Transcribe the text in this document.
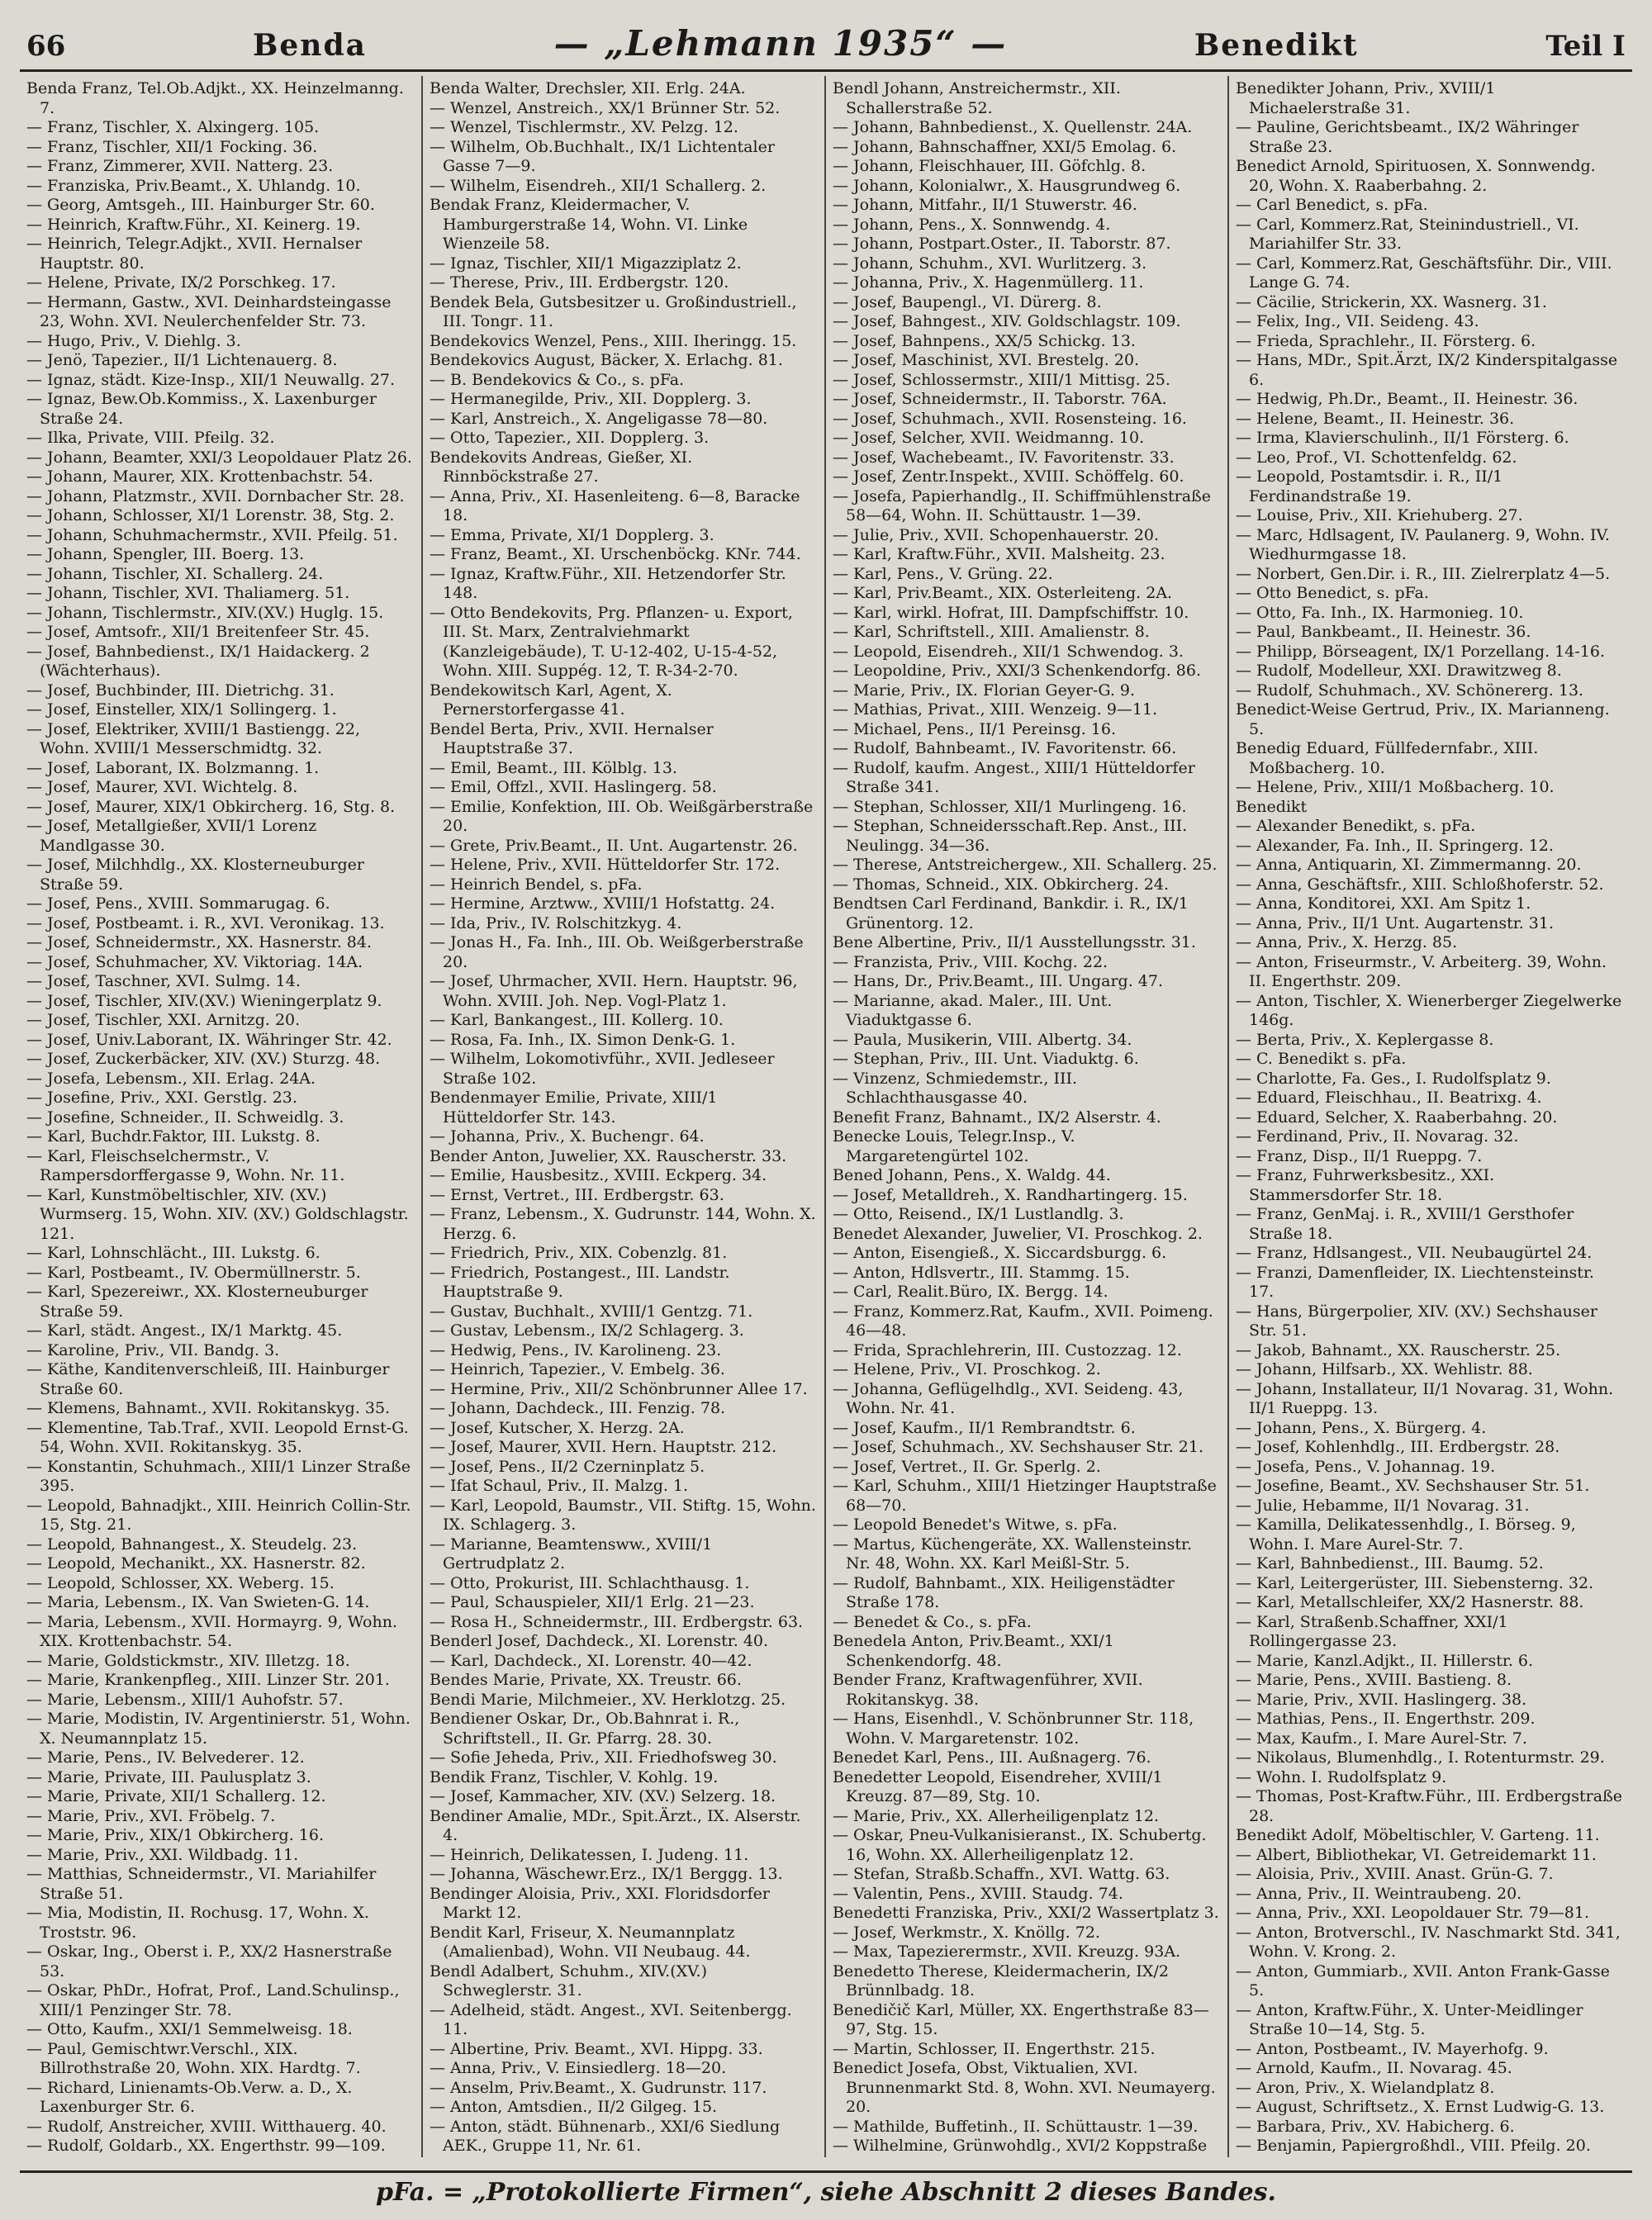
66	Benda	— „Lehmann 1935“ —	Benedikt	Teil I

Benda Franz, Tel.Ob.Adjkt., XX. Heinzelmanng. 7.

— Franz, Tischler, X. Alxingerg. 105.

— Franz, Tischler, XII/1 Focking. 36.

— Franz, Zimmerer, XVII. Natterg. 23.

— Franziska, Priv.Beamt., X. Uhlandg. 10.

— Georg, Amtsgeh., III. Hainburger Str. 60.

— Heinrich, Kraftw.Führ., XI. Keinerg. 19.

— Heinrich, Telegr.Adjkt., XVII. Hernalser Hauptstr. 80.

— Helene, Private, IX/2 Porschkeg. 17.

— Hermann, Gastw., XVI. Deinhardsteingasse 23, Wohn. XVI. Neulerchenfelder Str. 73.

— Hugo, Priv., V. Diehlg. 3.

— Jenö, Tapezier., II/1 Lichtenauerg. 8.

— Ignaz, städt. Kize-Insp., XII/1 Neuwallg. 27.

— Ignaz, Bew.Ob.Kommiss., X. Laxenburger Straße 24.

— Ilka, Private, VIII. Pfeilg. 32.

— Johann, Beamter, XXI/3 Leopoldauer Platz 26.

— Johann, Maurer, XIX. Krottenbachstr. 54.

— Johann, Platzmstr., XVII. Dornbacher Str. 28.

— Johann, Schlosser, XI/1 Lorenstr. 38, Stg. 2.

— Johann, Schuhmachermstr., XVII. Pfeilg. 51.

— Johann, Spengler, III. Boerg. 13.

— Johann, Tischler, XI. Schallerg. 24.

— Johann, Tischler, XVI. Thaliamerg. 51.

— Johann, Tischlermstr., XIV.(XV.) Huglg. 15.

— Josef, Amtsofr., XII/1 Breitenfeer Str. 45.

— Josef, Bahnbedienst., IX/1 Haidackerg. 2 (Wächterhaus).

— Josef, Buchbinder, III. Dietrichg. 31.

— Josef, Einsteller, XIX/1 Sollingerg. 1.

— Josef, Elektriker, XVIII/1 Bastiengg. 22, Wohn. XVIII/1 Messerschmidtg. 32.

— Josef, Laborant, IX. Bolzmanng. 1.

— Josef, Maurer, XVI. Wichtelg. 8.

— Josef, Maurer, XIX/1 Obkircherg. 16, Stg. 8.

— Josef, Metallgießer, XVII/1 Lorenz Mandlgasse 30.

— Josef, Milchhdlg., XX. Klosterneuburger Straße 59.

— Josef, Pens., XVIII. Sommarugag. 6.

— Josef, Postbeamt. i. R., XVI. Veronikag. 13.

— Josef, Schneidermstr., XX. Hasnerstr. 84.

— Josef, Schuhmacher, XV. Viktoriag. 14A.

— Josef, Taschner, XVI. Sulmg. 14.

— Josef, Tischler, XIV.(XV.) Wieningerplatz 9.

— Josef, Tischler, XXI. Arnitzg. 20.

— Josef, Univ.Laborant, IX. Währinger Str. 42.

— Josef, Zuckerbäcker, XIV. (XV.) Sturzg. 48.

— Josefa, Lebensm., XII. Erlag. 24A.

— Josefine, Priv., XXI. Gerstlg. 23.

— Josefine, Schneider., II. Schweidlg. 3.

— Karl, Buchdr.Faktor, III. Lukstg. 8.

— Karl, Fleischselchermstr., V. Rampersdorffergasse 9, Wohn. Nr. 11.

— Karl, Kunstmöbeltischler, XIV. (XV.) Wurmserg. 15, Wohn. XIV. (XV.) Goldschlagstr. 121.

— Karl, Lohnschlächt., III. Lukstg. 6.

— Karl, Postbeamt., IV. Obermüllnerstr. 5.

— Karl, Spezereiwr., XX. Klosterneuburger Straße 59.

— Karl, städt. Angest., IX/1 Marktg. 45.

— Karoline, Priv., VII. Bandg. 3.

— Käthe, Kanditenverschleiß, III. Hainburger Straße 60.

— Klemens, Bahnamt., XVII. Rokitanskyg. 35.

— Klementine, Tab.Traf., XVII. Leopold Ernst-G. 54, Wohn. XVII. Rokitanskyg. 35.

— Konstantin, Schuhmach., XIII/1 Linzer Straße 395.

— Leopold, Bahnadjkt., XIII. Heinrich Collin-Str. 15, Stg. 21.

— Leopold, Bahnangest., X. Steudelg. 23.

— Leopold, Mechanikt., XX. Hasnerstr. 82.

— Leopold, Schlosser, XX. Weberg. 15.

— Maria, Lebensm., IX. Van Swieten-G. 14.

— Maria, Lebensm., XVII. Hormayrg. 9, Wohn. XIX. Krottenbachstr. 54.

— Marie, Goldstickmstr., XIV. Illetzg. 18.

— Marie, Krankenpfleg., XIII. Linzer Str. 201.

— Marie, Lebensm., XIII/1 Auhofstr. 57.

— Marie, Modistin, IV. Argentinierstr. 51, Wohn. X. Neumannplatz 15.

— Marie, Pens., IV. Belvederег. 12.

— Marie, Private, III. Paulusplatz 3.

— Marie, Private, XII/1 Schallerg. 12.

— Marie, Priv., XVI. Fröbelg. 7.

— Marie, Priv., XIX/1 Obkircherg. 16.

— Marie, Priv., XXI. Wildbadg. 11.

— Matthias, Schneidermstr., VI. Mariahilfer Straße 51.

— Mia, Modistin, II. Rochusg. 17, Wohn. X. Troststr. 96.

— Oskar, Ing., Oberst i. P., XX/2 Hasnerstraße 53.

— Oskar, PhDr., Hofrat, Prof., Land.Schulinsp., XIII/1 Penzinger Str. 78.

— Otto, Kaufm., XXI/1 Semmelweisg. 18.

— Paul, Gemischtwr.Verschl., XIX. Billrothstraße 20, Wohn. XIX. Hardtg. 7.

— Richard, Linienamts-Ob.Verw. a. D., X. Laxenburger Str. 6.

— Rudolf, Anstreicher, XVIII. Witthauerg. 40.

— Rudolf, Goldarb., XX. Engerthstr. 99—109.

Benda Walter, Drechsler, XII. Erlg. 24A.

— Wenzel, Anstreich., XX/1 Brünner Str. 52.

— Wenzel, Tischlermstr., XV. Pelzg. 12.

— Wilhelm, Ob.Buchhalt., IX/1 Lichtentaler Gasse 7—9.

— Wilhelm, Eisendreh., XII/1 Schallerg. 2.

Bendak Franz, Kleidermacher, V. Hamburgerstraße 14, Wohn. VI. Linke Wienzeile 58.

— Ignaz, Tischler, XII/1 Migazziplatz 2.

— Therese, Priv., III. Erdbergstr. 120.

Bendek Bela, Gutsbesitzer u. Großindustriell., III. Tongг. 11.

Bendekovics Wenzel, Pens., XIII. Iheringg. 15.

Bendekovics August, Bäcker, X. Erlachg. 81.

— B. Bendekovics & Co., s. pFa.

— Hermanegilde, Priv., XII. Dopplerg. 3.

— Karl, Anstreich., X. Angeligasse 78—80.

— Otto, Tapezier., XII. Dopplerg. 3.

Bendekovits Andreas, Gießer, XI. Rinnböckstraße 27.

— Anna, Priv., XI. Hasenleiteng. 6—8, Baracke 18.

— Emma, Private, XI/1 Dopplerg. 3.

— Franz, Beamt., XI. Urschenböckg. KNr. 744.

— Ignaz, Kraftw.Führ., XII. Hetzendorfer Str. 148.

— Otto Bendekovits, Prg. Pflanzen- u. Export, III. St. Marx, Zentralviehmarkt (Kanzleigebäude), T. U-12-402, U-15-4-52, Wohn. XIII. Suppég. 12, T. R-34-2-70.

Bendekowitsch Karl, Agent, X. Pernerstorfergasse 41.

Bendel Berta, Priv., XVII. Hernalser Hauptstraße 37.

— Emil, Beamt., III. Kölblg. 13.

— Emil, Offzl., XVII. Haslingerg. 58.

— Emilie, Konfektion, III. Ob. Weißgärberstraße 20.

— Grete, Priv.Beamt., II. Unt. Augartenstr. 26.

— Helene, Priv., XVII. Hütteldorfer Str. 172.

— Heinrich Bendel, s. pFa.

— Hermine, Arztww., XVIII/1 Hofstattg. 24.

— Ida, Priv., IV. Rolschitzkyg. 4.

— Jonas H., Fa. Inh., III. Ob. Weißgerberstraße 20.

— Josef, Uhrmacher, XVII. Hern. Hauptstr. 96, Wohn. XVIII. Joh. Nep. Vogl-Platz 1.

— Karl, Bankangest., III. Kollerg. 10.

— Rosa, Fa. Inh., IX. Simon Denk-G. 1.

— Wilhelm, Lokomotivführ., XVII. Jedleseer Straße 102.

Bendenmayer Emilie, Private, XIII/1 Hütteldorfer Str. 143.

— Johanna, Priv., X. Buchengг. 64.

Bender Anton, Juwelier, XX. Rauscherstr. 33.

— Emilie, Hausbesitz., XVIII. Eckperg. 34.

— Ernst, Vertret., III. Erdbergstr. 63.

— Franz, Lebensm., X. Gudrunstr. 144, Wohn. X. Herzg. 6.

— Friedrich, Priv., XIX. Cobenzlg. 81.

— Friedrich, Postangest., III. Landstr. Hauptstraße 9.

— Gustav, Buchhalt., XVIII/1 Gentzg. 71.

— Gustav, Lebensm., IX/2 Schlagerg. 3.

— Hedwig, Pens., IV. Karolineng. 23.

— Heinrich, Tapezier., V. Embelg. 36.

— Hermine, Priv., XII/2 Schönbrunner Allee 17.

— Johann, Dachdeck., III. Fenzig. 78.

— Josef, Kutscher, X. Herzg. 2A.

— Josef, Maurer, XVII. Hern. Hauptstr. 212.

— Josef, Pens., II/2 Czerninplatz 5.

— Ifat Schaul, Priv., II. Malzg. 1.

— Karl, Leopold, Baumstr., VII. Stiftg. 15, Wohn. IX. Schlagerg. 3.

— Marianne, Beamtensww., XVIII/1 Gertrudplatz 2.

— Otto, Prokurist, III. Schlachthausg. 1.

— Paul, Schauspieler, XII/1 Erlg. 21—23.

— Rosa H., Schneidermstr., III. Erdbergstr. 63.

Benderl Josef, Dachdeck., XI. Lorenstr. 40.

— Karl, Dachdeck., XI. Lorenstr. 40—42.

Bendes Marie, Private, XX. Treustr. 66.

Bendi Marie, Milchmeier., XV. Herklotzg. 25.

Bendiener Oskar, Dr., Ob.Bahnrat i. R., Schriftstell., II. Gr. Pfarrg. 28. 30.

— Sofie Jeheda, Priv., XII. Friedhofsweg 30.

Bendik Franz, Tischler, V. Kohlg. 19.

— Josef, Kammacher, XIV. (XV.) Selzerg. 18.

Bendiner Amalie, MDr., Spit.Ärzt., IX. Alserstr. 4.

— Heinrich, Delikatessen, I. Judeng. 11.

— Johanna, Wäschewr.Erz., IX/1 Berggg. 13.

Bendinger Aloisia, Priv., XXI. Floridsdorfer Markt 12.

Bendit Karl, Friseur, X. Neumannplatz (Amalienbad), Wohn. VII Neubaug. 44.

Bendl Adalbert, Schuhm., XIV.(XV.) Schweglerstr. 31.

— Adelheid, städt. Angest., XVI. Seitenbergg. 11.

— Albertine, Priv. Beamt., XVI. Hippg. 33.

— Anna, Priv., V. Einsiedlerg. 18—20.

— Anselm, Priv.Beamt., X. Gudrunstr. 117.

— Anton, Amtsdien., II/2 Gilgeg. 15.

— Anton, städt. Bühnenarb., XXI/6 Siedlung AEK., Gruppe 11, Nr. 61.

Bendl Johann, Anstreichermstr., XII. Schallerstraße 52.

— Johann, Bahnbedienst., X. Quellenstr. 24A.

— Johann, Bahnschaffner, XXI/5 Emolag. 6.

— Johann, Fleischhauer, III. Göfchlg. 8.

— Johann, Kolonialwr., X. Hausgrundweg 6.

— Johann, Mitfahr., II/1 Stuwerstr. 46.

— Johann, Pens., X. Sonnwendg. 4.

— Johann, Postpart.Oster., II. Taborstr. 87.

— Johann, Schuhm., XVI. Wurlitzerg. 3.

— Johanna, Priv., X. Hagenmüllerg. 11.

— Josef, Baupengl., VI. Dürerg. 8.

— Josef, Bahngest., XIV. Goldschlagstr. 109.

— Josef, Bahnpens., XX/5 Schickg. 13.

— Josef, Maschinist, XVI. Brestelg. 20.

— Josef, Schlossermstr., XIII/1 Mittisg. 25.

— Josef, Schneidermstr., II. Taborstr. 76A.

— Josef, Schuhmach., XVII. Rosensteing. 16.

— Josef, Selcher, XVII. Weidmanng. 10.

— Josef, Wachebeamt., IV. Favoritenstr. 33.

— Josef, Zentr.Inspekt., XVIII. Schöffelg. 60.

— Josefa, Papierhandlg., II. Schiffmühlenstraße 58—64, Wohn. II. Schüttaustr. 1—39.

— Julie, Priv., XVII. Schopenhauerstr. 20.

— Karl, Kraftw.Führ., XVII. Malsheitg. 23.

— Karl, Pens., V. Grüng. 22.

— Karl, Priv.Beamt., XIX. Osterleiteng. 2A.

— Karl, wirkl. Hofrat, III. Dampfschiffstr. 10.

— Karl, Schriftstell., XIII. Amalienstr. 8.

— Leopold, Eisendreh., XII/1 Schwendog. 3.

— Leopoldine, Priv., XXI/3 Schenkendorfg. 86.

— Marie, Priv., IX. Florian Geyer-G. 9.

— Mathias, Privat., XIII. Wenzeig. 9—11.

— Michael, Pens., II/1 Pereinsg. 16.

— Rudolf, Bahnbeamt., IV. Favoritenstr. 66.

— Rudolf, kaufm. Angest., XIII/1 Hütteldorfer Straße 341.

— Stephan, Schlosser, XII/1 Murlingeng. 16.

— Stephan, Schneidersschaft.Rep. Anst., III. Neulingg. 34—36.

— Therese, Antstreichergew., XII. Schallerg. 25.

— Thomas, Schneid., XIX. Obkircherg. 24.

Bendtsen Carl Ferdinand, Bankdir. i. R., IX/1 Grünentorg. 12.

Bene Albertine, Priv., II/1 Ausstellungsstr. 31.

— Franzista, Priv., VIII. Kochg. 22.

— Hans, Dr., Priv.Beamt., III. Ungarg. 47.

— Marianne, akad. Maler., III. Unt. Viaduktgasse 6.

— Paula, Musikerin, VIII. Albertg. 34.

— Stephan, Priv., III. Unt. Viaduktg. 6.

— Vinzenz, Schmiedemstr., III. Schlachthausgasse 40.

Benefit Franz, Bahnamt., IX/2 Alserstr. 4.

Benecke Louis, Telegr.Insp., V. Margaretengürtel 102.

Bened Johann, Pens., X. Waldg. 44.

— Josef, Metalldreh., X. Randhartingerg. 15.

— Otto, Reisend., IX/1 Lustlandlg. 3.

Benedet Alexander, Juwelier, VI. Proschkog. 2.

— Anton, Eisengieß., X. Siccardsburgg. 6.

— Anton, Hdlsvertr., III. Stammg. 15.

— Carl, Realit.Büro, IX. Bergg. 14.

— Franz, Kommerz.Rat, Kaufm., XVII. Poimeng. 46—48.

— Frida, Sprachlehrerin, III. Custozzag. 12.

— Helene, Priv., VI. Proschkog. 2.

— Johanna, Geflügelhdlg., XVI. Seideng. 43, Wohn. Nr. 41.

— Josef, Kaufm., II/1 Rembrandtstr. 6.

— Josef, Schuhmach., XV. Sechshauser Str. 21.

— Josef, Vertret., II. Gr. Sperlg. 2.

— Karl, Schuhm., XIII/1 Hietzinger Hauptstraße 68—70.

— Leopold Benedet's Witwe, s. pFa.

— Martus, Küchengeräte, XX. Wallensteinstr. Nr. 48, Wohn. XX. Karl Meißl-Str. 5.

— Rudolf, Bahnbamt., XIX. Heiligenstädter Straße 178.

— Benedet & Co., s. pFa.

Benedela Anton, Priv.Beamt., XXI/1 Schenkendorfg. 48.

Bender Franz, Kraftwagenführer, XVII. Rokitanskyg. 38.

— Hans, Eisenhdl., V. Schönbrunner Str. 118, Wohn. V. Margaretenstr. 102.

Benedet Karl, Pens., III. Außnagerg. 76.

Benedetter Leopold, Eisendreher, XVIII/1 Kreuzg. 87—89, Stg. 10.

— Marie, Priv., XX. Allerheiligenplatz 12.

— Oskar, Pneu-Vulkanisieranst., IX. Schubertg. 16, Wohn. XX. Allerheiligenplatz 12.

— Stefan, Straßb.Schaffn., XVI. Wattg. 63.

— Valentin, Pens., XVIII. Staudg. 74.

Benedetti Franziska, Priv., XXI/2 Wassertplatz 3.

— Josef, Werkmstr., X. Knöllg. 72.

— Max, Tapezierermstr., XVII. Kreuzg. 93A.

Benedetto Therese, Kleidermacherin, IX/2 Brünnlbadg. 18.

Benedičič Karl, Müller, XX. Engerthstraße 83—97, Stg. 15.

— Martin, Schlosser, II. Engerthstr. 215.

Benedict Josefa, Obst, Viktualien, XVI. Brunnenmarkt Std. 8, Wohn. XVI. Neumayerg. 20.

— Mathilde, Buffetinh., II. Schüttaustr. 1—39.

— Wilhelmine, Grünwohdlg., XVI/2 Koppstraße

Benedikter Johann, Priv., XVIII/1 Michaelerstraße 31.

— Pauline, Gerichtsbeamt., IX/2 Währinger Straße 23.

Benedict Arnold, Spirituosen, X. Sonnwendg. 20, Wohn. X. Raaberbahng. 2.

— Carl Benedict, s. pFa.

— Carl, Kommerz.Rat, Steinindustriell., VI. Mariahilfer Str. 33.

— Carl, Kommerz.Rat, Geschäftsführ. Dir., VIII. Lange G. 74.

— Cäcilie, Strickerin, XX. Wasnerg. 31.

— Felix, Ing., VII. Seideng. 43.

— Frieda, Sprachlehr., II. Försterg. 6.

— Hans, MDr., Spit.Ärzt, IX/2 Kinderspitalgasse 6.

— Hedwig, Ph.Dr., Beamt., II. Heinestr. 36.

— Helene, Beamt., II. Heinestr. 36.

— Irma, Klavierschulinh., II/1 Försterg. 6.

— Leo, Prof., VI. Schottenfeldg. 62.

— Leopold, Postamtsdir. i. R., II/1 Ferdinandstraße 19.

— Louise, Priv., XII. Kriehuberg. 27.

— Marc, Hdlsagent, IV. Paulanerg. 9, Wohn. IV. Wiedhurmgasse 18.

— Norbert, Gen.Dir. i. R., III. Zielrerplatz 4—5.

— Otto Benedict, s. pFa.

— Otto, Fa. Inh., IX. Harmonieg. 10.

— Paul, Bankbeamt., II. Heinestr. 36.

— Philipp, Börseagent, IX/1 Porzellang. 14-16.

— Rudolf, Modelleur, XXI. Drawitzweg 8.

— Rudolf, Schuhmach., XV. Schönererg. 13.

Benedict-Weise Gertrud, Priv., IX. Marianneng. 5.

Benedig Eduard, Füllfedernfabr., XIII. Moßbacherg. 10.

— Helene, Priv., XIII/1 Moßbacherg. 10.

Benedikt

— Alexander Benedikt, s. pFa.

— Alexander, Fa. Inh., II. Springerg. 12.

— Anna, Antiquarin, XI. Zimmermanng. 20.

— Anna, Geschäftsfr., XIII. Schloßhoferstr. 52.

— Anna, Konditorei, XXI. Am Spitz 1.

— Anna, Priv., II/1 Unt. Augartenstr. 31.

— Anna, Priv., X. Herzg. 85.

— Anton, Friseurmstr., V. Arbeiterg. 39, Wohn. II. Engerthstr. 209.

— Anton, Tischler, X. Wienerberger Ziegelwerke 146g.

— Berta, Priv., X. Keplergasse 8.

— C. Benedikt s. pFa.

— Charlotte, Fa. Ges., I. Rudolfsplatz 9.

— Eduard, Fleischhau., II. Beatrixg. 4.

— Eduard, Selcher, X. Raaberbahng. 20.

— Ferdinand, Priv., II. Novarag. 32.

— Franz, Disp., II/1 Rueppg. 7.

— Franz, Fuhrwerksbesitz., XXI. Stammersdorfer Str. 18.

— Franz, GenMaj. i. R., XVIII/1 Gersthofer Straße 18.

— Franz, Hdlsangest., VII. Neubaugürtel 24.

— Franzi, Damenfleider, IX. Liechtensteinstr. 17.

— Hans, Bürgerpolier, XIV. (XV.) Sechshauser Str. 51.

— Jakob, Bahnamt., XX. Rauscherstr. 25.

— Johann, Hilfsarb., XX. Wehlistr. 88.

— Johann, Installateur, II/1 Novarag. 31, Wohn. II/1 Rueppg. 13.

— Johann, Pens., X. Bürgerg. 4.

— Josef, Kohlenhdlg., III. Erdbergstr. 28.

— Josefa, Pens., V. Johannag. 19.

— Josefine, Beamt., XV. Sechshauser Str. 51.

— Julie, Hebamme, II/1 Novarag. 31.

— Kamilla, Delikatessenhdlg., I. Börseg. 9, Wohn. I. Mare Aurel-Str. 7.

— Karl, Bahnbedienst., III. Baumg. 52.

— Karl, Leitergerüster, III. Siebensterng. 32.

— Karl, Metallschleifer, XX/2 Hasnerstr. 88.

— Karl, Straßenb.Schaffner, XXI/1 Rollingergasse 23.

— Marie, Kanzl.Adjkt., II. Hillerstr. 6.

— Marie, Pens., XVIII. Bastieng. 8.

— Marie, Priv., XVII. Haslingerg. 38.

— Mathias, Pens., II. Engerthstr. 209.

— Max, Kaufm., I. Mare Aurel-Str. 7.

— Nikolaus, Blumenhdlg., I. Rotenturmstr. 29.

— Wohn. I. Rudolfsplatz 9.

— Thomas, Post-Kraftw.Führ., III. Erdbergstraße 28.

Benedikt Adolf, Möbeltischler, V. Garteng. 11.

— Albert, Bibliothekar, VI. Getreidemarkt 11.

— Aloisia, Priv., XVIII. Anast. Grün-G. 7.

— Anna, Priv., II. Weintraubeng. 20.

— Anna, Priv., XXI. Leopoldauer Str. 79—81.

— Anton, Brotverschl., IV. Naschmarkt Std. 341, Wohn. V. Krong. 2.

— Anton, Gummiarb., XVII. Anton Frank-Gasse 5.

— Anton, Kraftw.Führ., X. Unter-Meidlinger Straße 10—14, Stg. 5.

— Anton, Postbeamt., IV. Mayerhofg. 9.

— Arnold, Kaufm., II. Novarag. 45.

— Aron, Priv., X. Wielandplatz 8.

— August, Schriftsetz., X. Ernst Ludwig-G. 13.

— Barbara, Priv., XV. Habicherg. 6.

— Benjamin, Papiergroßhdl., VIII. Pfeilg. 20.

pFa. = „Protokollierte Firmen“, siehe Abschnitt 2 dieses Bandes.
